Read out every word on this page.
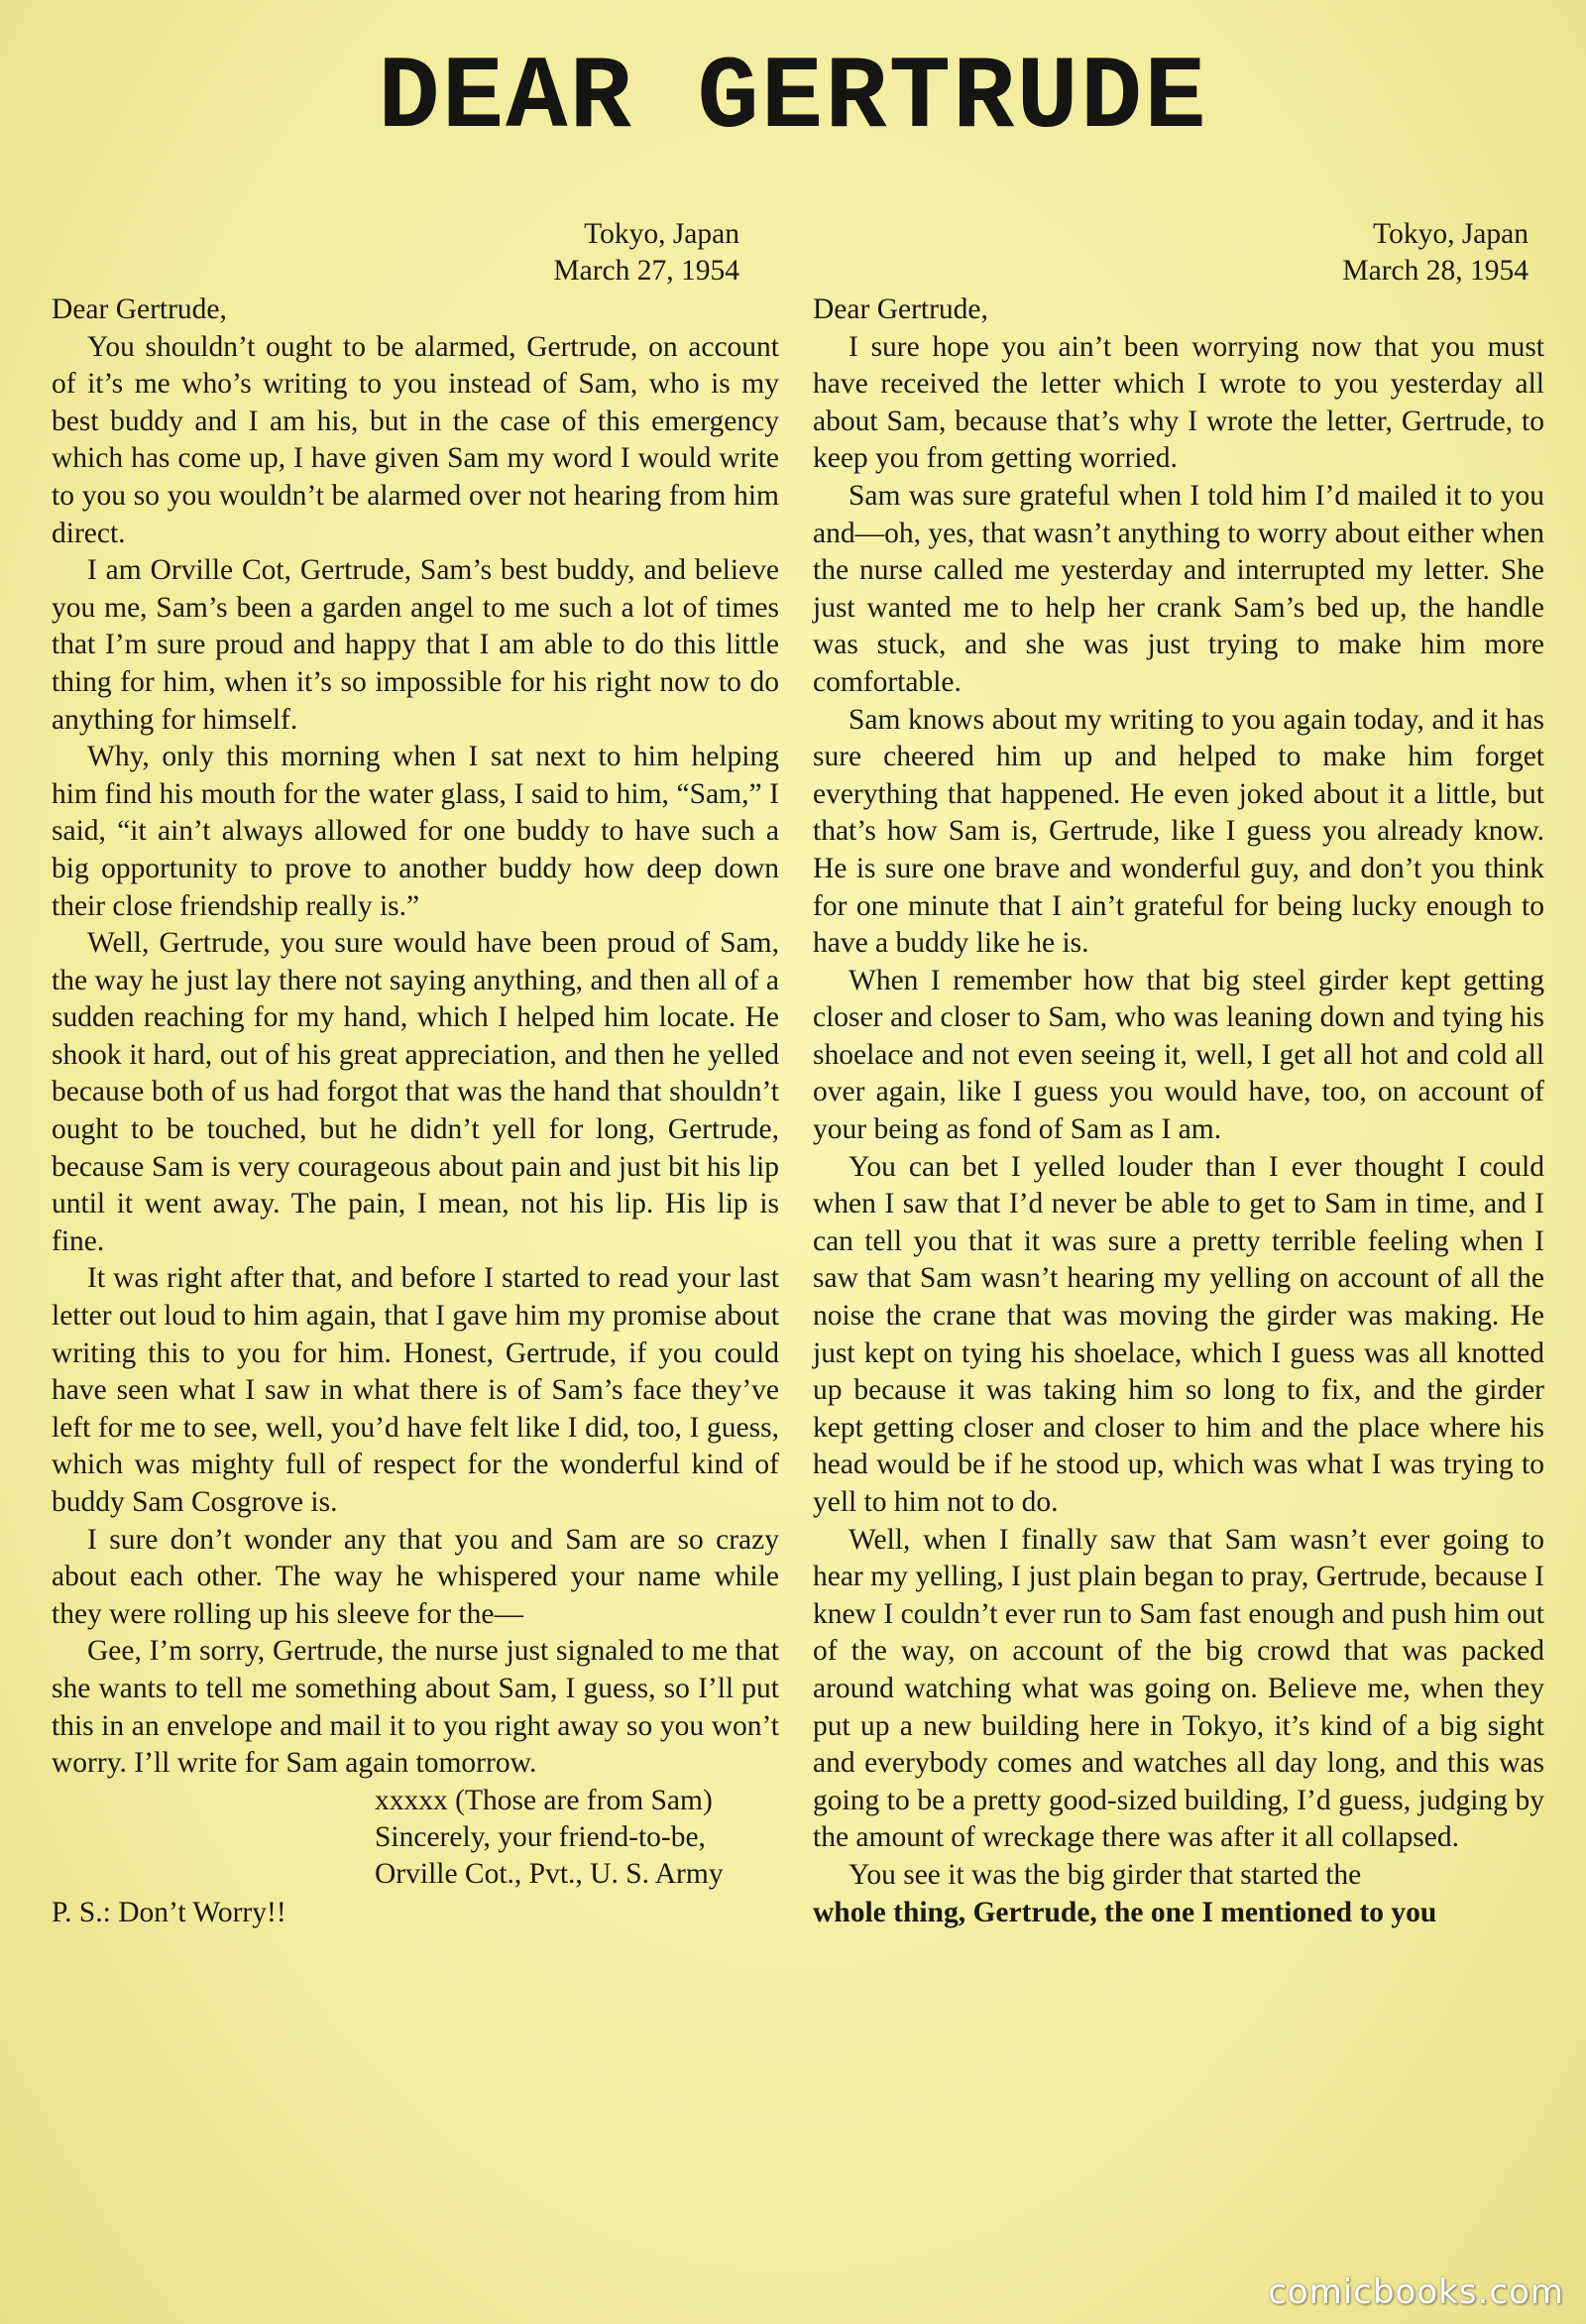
DEAR GERTRUDE
Tokyo, Japan
March 27, 1954
Dear Gertrude,

You shouldn’t ought to be alarmed, Gertrude, on account of it’s me who’s writing to you instead of Sam, who is my best buddy and I am his, but in the case of this emergency which has come up, I have given Sam my word I would write to you so you wouldn’t be alarmed over not hearing from him direct.

I am Orville Cot, Gertrude, Sam’s best buddy, and believe you me, Sam’s been a garden angel to me such a lot of times that I’m sure proud and happy that I am able to do this little thing for him, when it’s so impossible for his right now to do anything for himself.

Why, only this morning when I sat next to him helping him find his mouth for the water glass, I said to him, “Sam,” I said, “it ain’t always allowed for one buddy to have such a big opportunity to prove to another buddy how deep down their close friendship really is.”

Well, Gertrude, you sure would have been proud of Sam, the way he just lay there not saying anything, and then all of a sudden reaching for my hand, which I helped him locate. He shook it hard, out of his great appreciation, and then he yelled because both of us had forgot that was the hand that shouldn’t ought to be touched, but he didn’t yell for long, Gertrude, because Sam is very courageous about pain and just bit his lip until it went away. The pain, I mean, not his lip. His lip is fine.

It was right after that, and before I started to read your last letter out loud to him again, that I gave him my promise about writing this to you for him. Honest, Gertrude, if you could have seen what I saw in what there is of Sam’s face they’ve left for me to see, well, you’d have felt like I did, too, I guess, which was mighty full of respect for the wonderful kind of buddy Sam Cosgrove is.

I sure don’t wonder any that you and Sam are so crazy about each other. The way he whispered your name while they were rolling up his sleeve for the—

Gee, I’m sorry, Gertrude, the nurse just signaled to me that she wants to tell me something about Sam, I guess, so I’ll put this in an envelope and mail it to you right away so you won’t worry. I’ll write for Sam again tomorrow.

xxxxx (Those are from Sam)
Sincerely, your friend-to-be,
Orville Cot., Pvt., U. S. Army
P. S.: Don’t Worry!!
Tokyo, Japan
March 28, 1954
Dear Gertrude,

I sure hope you ain’t been worrying now that you must have received the letter which I wrote to you yesterday all about Sam, because that’s why I wrote the letter, Gertrude, to keep you from getting worried.

Sam was sure grateful when I told him I’d mailed it to you and—oh, yes, that wasn’t anything to worry about either when the nurse called me yesterday and interrupted my letter. She just wanted me to help her crank Sam’s bed up, the handle was stuck, and she was just trying to make him more comfortable.

Sam knows about my writing to you again today, and it has sure cheered him up and helped to make him forget everything that happened. He even joked about it a little, but that’s how Sam is, Gertrude, like I guess you already know. He is sure one brave and wonderful guy, and don’t you think for one minute that I ain’t grateful for being lucky enough to have a buddy like he is.

When I remember how that big steel girder kept getting closer and closer to Sam, who was leaning down and tying his shoelace and not even seeing it, well, I get all hot and cold all over again, like I guess you would have, too, on account of your being as fond of Sam as I am.

You can bet I yelled louder than I ever thought I could when I saw that I’d never be able to get to Sam in time, and I can tell you that it was sure a pretty terrible feeling when I saw that Sam wasn’t hearing my yelling on account of all the noise the crane that was moving the girder was making. He just kept on tying his shoelace, which I guess was all knotted up because it was taking him so long to fix, and the girder kept getting closer and closer to him and the place where his head would be if he stood up, which was what I was trying to yell to him not to do.

Well, when I finally saw that Sam wasn’t ever going to hear my yelling, I just plain began to pray, Gertrude, because I knew I couldn’t ever run to Sam fast enough and push him out of the way, on account of the big crowd that was packed around watching what was going on. Believe me, when they put up a new building here in Tokyo, it’s kind of a big sight and everybody comes and watches all day long, and this was going to be a pretty good-sized building, I’d guess, judging by the amount of wreckage there was after it all collapsed.

You see it was the big girder that started the
whole thing, Gertrude, the one I mentioned to you

comicbooks.com
